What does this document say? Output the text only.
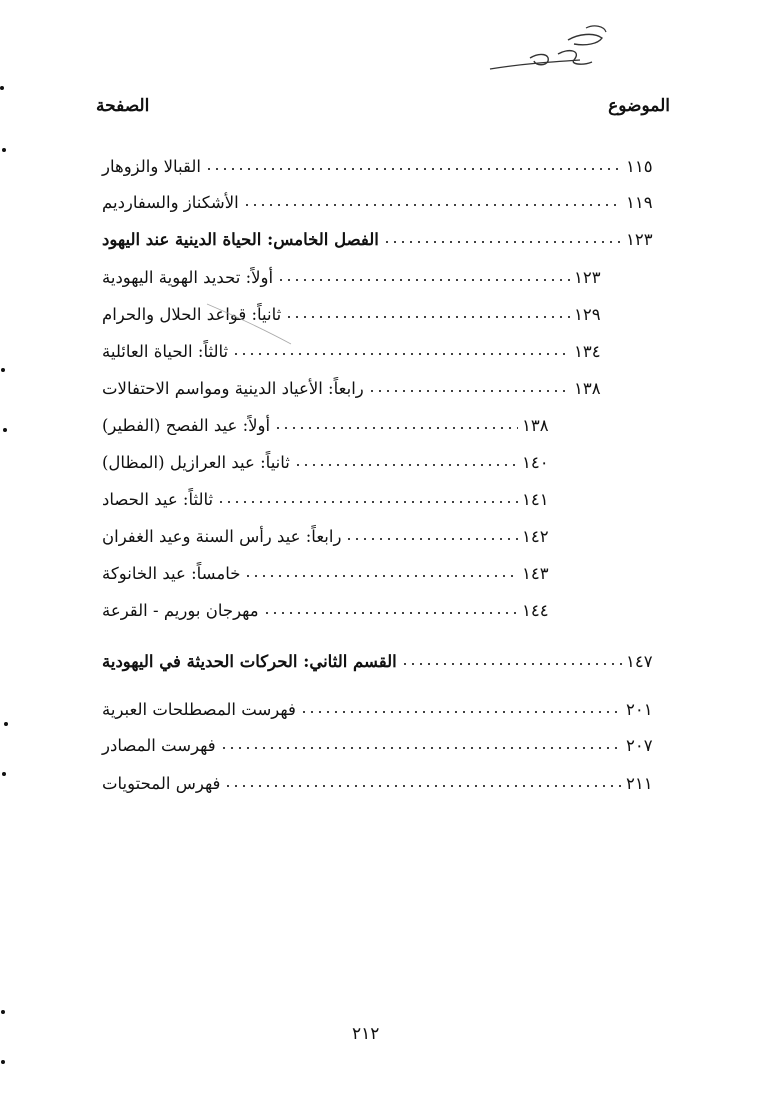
الموضوع
الصفحة
القبالا والزوهار	١١٥
الأشكناز والسفارديم	١١٩
الفصل الخامس: الحياة الدينية عند اليهود	١٢٣
أولاً: تحديد الهوية اليهودية	١٢٣
ثانياً: قواعد الحلال والحرام	١٢٩
ثالثاً: الحياة العائلية	١٣٤
رابعاً: الأعياد الدينية ومواسم الاحتفالات	١٣٨
أولاً: عيد الفصح (الفطير)	١٣٨
ثانياً: عيد العرازيل (المظال)	١٤٠
ثالثاً: عيد الحصاد	١٤١
رابعاً: عيد رأس السنة وعيد الغفران	١٤٢
خامساً: عيد الخانوكة	١٤٣
مهرجان بوريم - القرعة	١٤٤
القسم الثاني: الحركات الحديثة في اليهودية	١٤٧
فهرست المصطلحات العبرية	٢٠١
فهرست المصادر	٢٠٧
فهرس المحتويات	٢١١
٢١٢
